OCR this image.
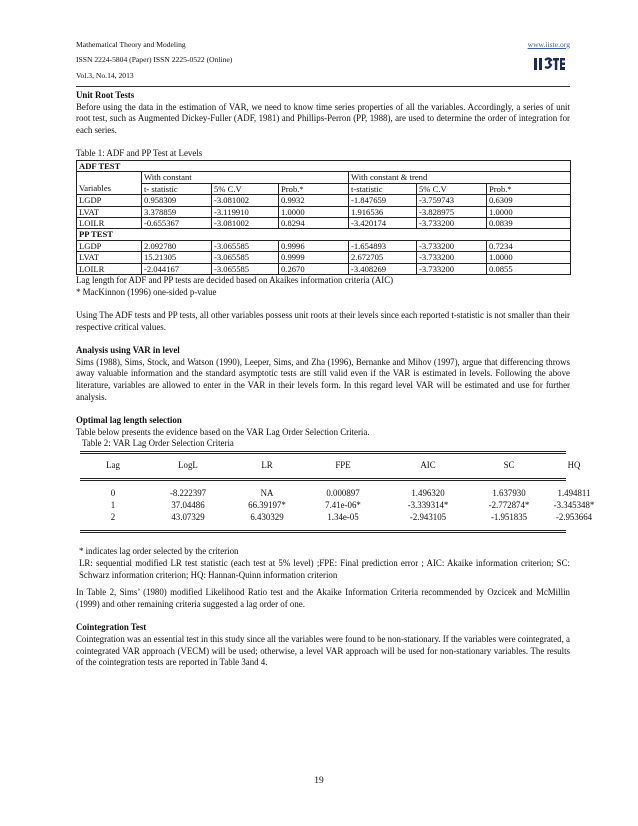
Mathematical Theory and Modeling	www.iiste.org
ISSN 2224-5804 (Paper) ISSN 2225-0522 (Online)
Vol.3, No.14, 2013
Unit Root Tests

Before using the data in the estimation of VAR, we need to know time series properties of all the variables. Accordingly, a series of unit root test, such as Augmented Dickey-Fuller (ADF, 1981) and Phillips-Perron (PP, 1988), are used to determine the order of integration for each series.

Table 1: ADF and PP Test at Levels
ADF TEST						
	With constant			With constant & trend		
Variables	t- statistic	5% C.V	Prob.*	t-statistic	5% C.V	Prob.*
LGDP	0.958309	-3.081002	0.9932	-1.847659	-3.759743	0.6309
LVAT	3.378859	-3.119910	1.0000	1.916536	-3.828975	1.0000
LOILR	-0.655367	-3.081002	0.8294	-3.420174	-3.733200	0.0839
PP TEST						
LGDP	2.092780	-3.065585	0.9996	-1.654893	-3.733200	0.7234
LVAT	15.21305	-3.065585	0.9999	2.672705	-3.733200	1.0000
LOILR	-2.044167	-3.065585	0.2670	-3.408269	-3.733200	0.0855
Lag length for ADF and PP tests are decided based on Akaikes information criteria (AIC)
* MacKinnon (1996) one-sided p-value

Using The ADF tests and PP tests, all other variables possess unit roots at their levels since each reported t-statistic is not smaller than their respective critical values.

Analysis using VAR in level

Sims (1988), Sims, Stock, and Watson (1990), Leeper, Sims, and Zha (1996), Bernanke and Mihov (1997), argue that differencing throws away valuable information and the standard asymptotic tests are still valid even if the VAR is estimated in levels. Following the above literature, variables are allowed to enter in the VAR in their levels form. In this regard level VAR will be estimated and use for further analysis.

Optimal lag length selection
Table below presents the evidence based on the VAR Lag Order Selection Criteria.
Table 2: VAR Lag Order Selection Criteria
Lag	LogL	LR	FPE	AIC	SC	HQ
0	-8.222397	NA	0.000897	1.496320	1.637930	1.494811
1	37.04486	66.39197*	7.41e-06*	-3.339314*	-2.772874*	-3.345348*
2	43.07329	6.430329	1.34e-05	-2.943105	-1.951835	-2.953664
* indicates lag order selected by the criterion

LR: sequential modified LR test statistic (each test at 5% level) ;FPE: Final prediction error ; AIC: Akaike information criterion; SC: Schwarz information criterion; HQ: Hannan-Quinn information criterion

In Table 2, Sims’ (1980) modified Likelihood Ratio test and the Akaike Information Criteria recommended by Ozcicek and McMillin (1999) and other remaining criteria suggested a lag order of one.

Cointegration Test

Cointegration was an essential test in this study since all the variables were found to be non-stationary. If the variables were cointegrated, a cointegrated VAR approach (VECM) will be used; otherwise, a level VAR approach will be used for non-stationary variables. The results of the cointegration tests are reported in Table 3and 4.

19
